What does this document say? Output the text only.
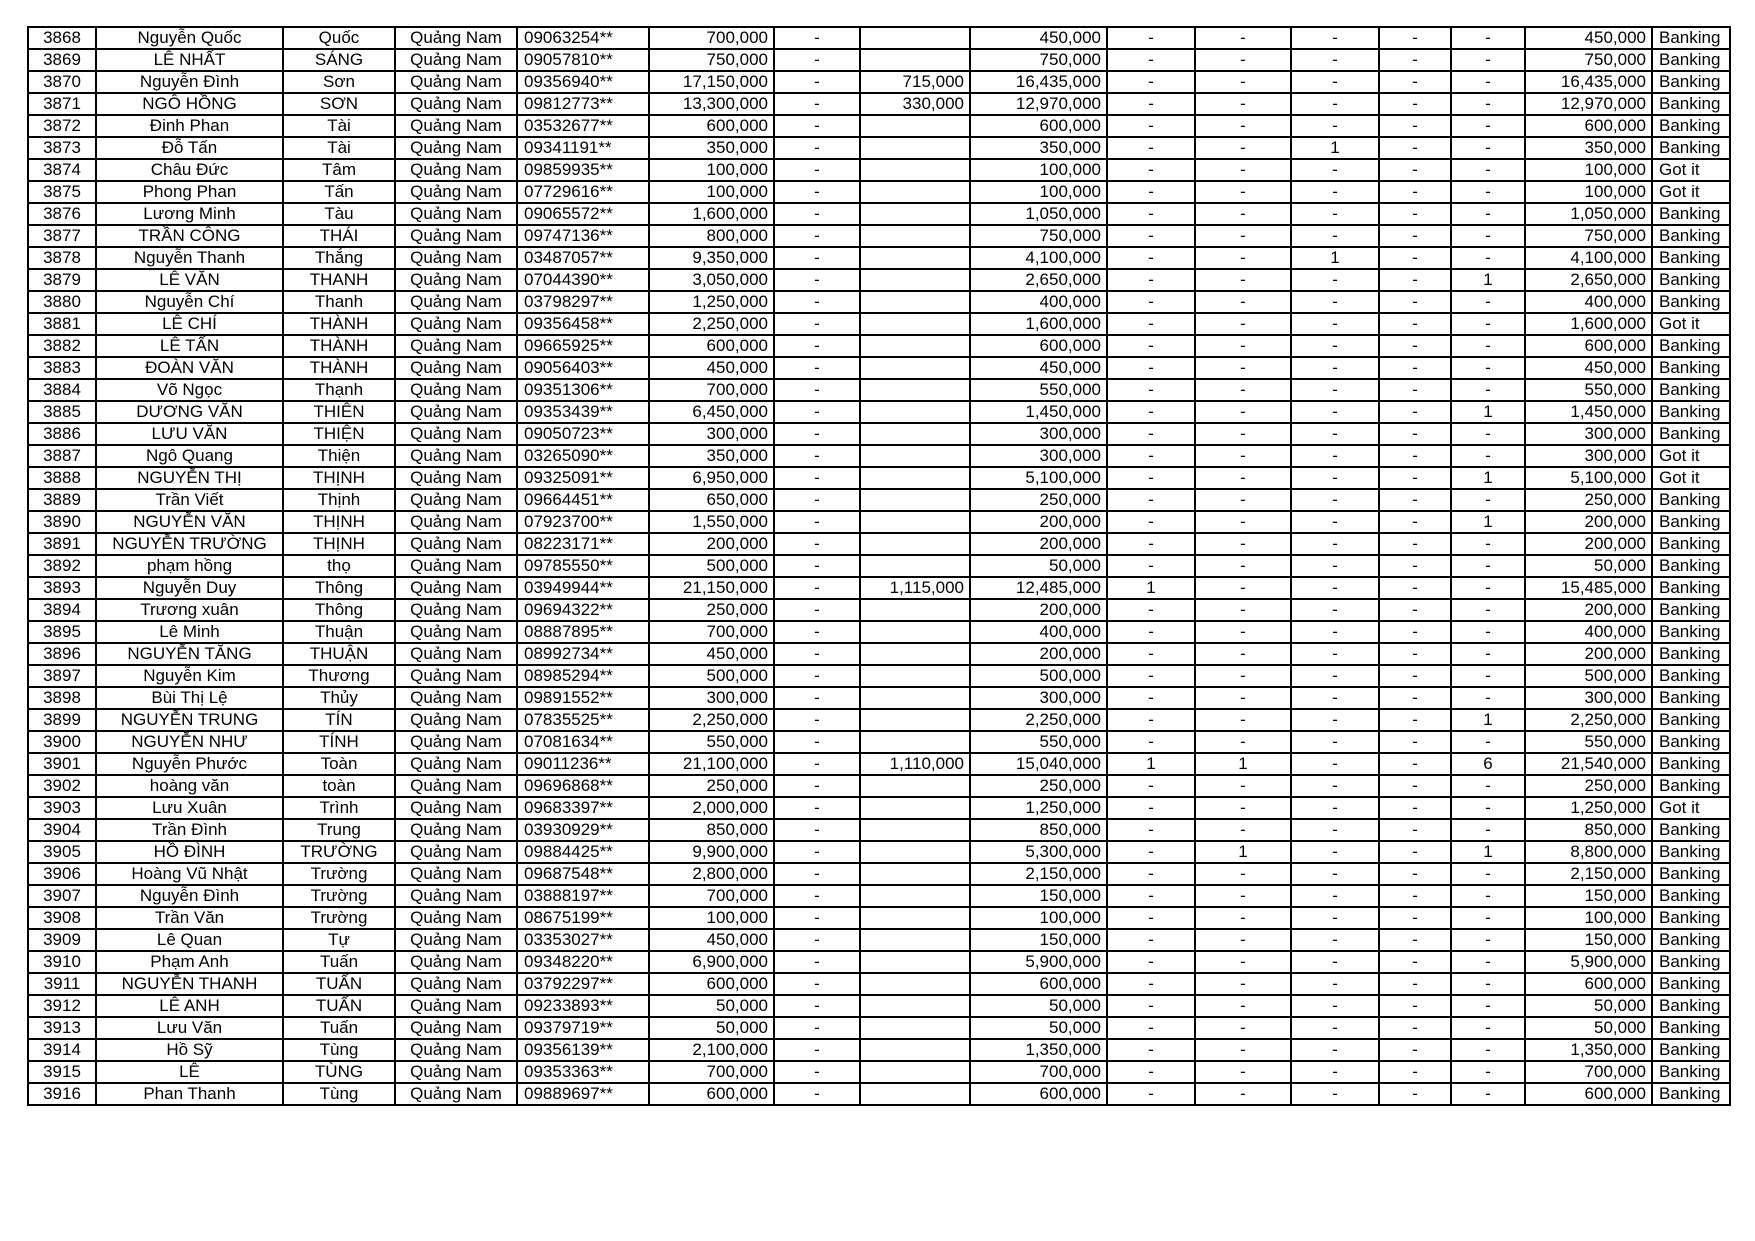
3868	Nguyễn Quốc	Quốc	Quảng Nam	09063254**	700,000	-		450,000	-	-	-	-	-	450,000	Banking
3869	LÊ NHẤT	SÁNG	Quảng Nam	09057810**	750,000	-		750,000	-	-	-	-	-	750,000	Banking
3870	Nguyễn Đình	Sơn	Quảng Nam	09356940**	17,150,000	-	715,000	16,435,000	-	-	-	-	-	16,435,000	Banking
3871	NGÔ HỒNG	SƠN	Quảng Nam	09812773**	13,300,000	-	330,000	12,970,000	-	-	-	-	-	12,970,000	Banking
3872	Đinh Phan	Tài	Quảng Nam	03532677**	600,000	-		600,000	-	-	-	-	-	600,000	Banking
3873	Đỗ Tấn	Tài	Quảng Nam	09341191**	350,000	-		350,000	-	-	1	-	-	350,000	Banking
3874	Châu Đức	Tâm	Quảng Nam	09859935**	100,000	-		100,000	-	-	-	-	-	100,000	Got it
3875	Phong Phan	Tấn	Quảng Nam	07729616**	100,000	-		100,000	-	-	-	-	-	100,000	Got it
3876	Lương Minh	Tàu	Quảng Nam	09065572**	1,600,000	-		1,050,000	-	-	-	-	-	1,050,000	Banking
3877	TRẦN CÔNG	THÁI	Quảng Nam	09747136**	800,000	-		750,000	-	-	-	-	-	750,000	Banking
3878	Nguyễn Thanh	Thắng	Quảng Nam	03487057**	9,350,000	-		4,100,000	-	-	1	-	-	4,100,000	Banking
3879	LÊ VĂN	THANH	Quảng Nam	07044390**	3,050,000	-		2,650,000	-	-	-	-	1	2,650,000	Banking
3880	Nguyễn Chí	Thanh	Quảng Nam	03798297**	1,250,000	-		400,000	-	-	-	-	-	400,000	Banking
3881	LÊ CHÍ	THÀNH	Quảng Nam	09356458**	2,250,000	-		1,600,000	-	-	-	-	-	1,600,000	Got it
3882	LÊ TẤN	THÀNH	Quảng Nam	09665925**	600,000	-		600,000	-	-	-	-	-	600,000	Banking
3883	ĐOÀN VĂN	THÀNH	Quảng Nam	09056403**	450,000	-		450,000	-	-	-	-	-	450,000	Banking
3884	Võ Ngọc	Thạnh	Quảng Nam	09351306**	700,000	-		550,000	-	-	-	-	-	550,000	Banking
3885	DƯƠNG VĂN	THIÊN	Quảng Nam	09353439**	6,450,000	-		1,450,000	-	-	-	-	1	1,450,000	Banking
3886	LƯU VĂN	THIỆN	Quảng Nam	09050723**	300,000	-		300,000	-	-	-	-	-	300,000	Banking
3887	Ngô Quang	Thiện	Quảng Nam	03265090**	350,000	-		300,000	-	-	-	-	-	300,000	Got it
3888	NGUYỄN THỊ	THỊNH	Quảng Nam	09325091**	6,950,000	-		5,100,000	-	-	-	-	1	5,100,000	Got it
3889	Trần Viết	Thịnh	Quảng Nam	09664451**	650,000	-		250,000	-	-	-	-	-	250,000	Banking
3890	NGUYỄN VĂN	THỊNH	Quảng Nam	07923700**	1,550,000	-		200,000	-	-	-	-	1	200,000	Banking
3891	NGUYỄN TRƯỜNG	THỊNH	Quảng Nam	08223171**	200,000	-		200,000	-	-	-	-	-	200,000	Banking
3892	phạm hồng	thọ	Quảng Nam	09785550**	500,000	-		50,000	-	-	-	-	-	50,000	Banking
3893	Nguyễn Duy	Thông	Quảng Nam	03949944**	21,150,000	-	1,115,000	12,485,000	1	-	-	-	-	15,485,000	Banking
3894	Trương xuân	Thông	Quảng Nam	09694322**	250,000	-		200,000	-	-	-	-	-	200,000	Banking
3895	Lê Minh	Thuận	Quảng Nam	08887895**	700,000	-		400,000	-	-	-	-	-	400,000	Banking
3896	NGUYỄN TĂNG	THUẬN	Quảng Nam	08992734**	450,000	-		200,000	-	-	-	-	-	200,000	Banking
3897	Nguyễn Kim	Thương	Quảng Nam	08985294**	500,000	-		500,000	-	-	-	-	-	500,000	Banking
3898	Bùi Thị Lệ	Thủy	Quảng Nam	09891552**	300,000	-		300,000	-	-	-	-	-	300,000	Banking
3899	NGUYỄN TRUNG	TÍN	Quảng Nam	07835525**	2,250,000	-		2,250,000	-	-	-	-	1	2,250,000	Banking
3900	NGUYỄN NHƯ	TÍNH	Quảng Nam	07081634**	550,000	-		550,000	-	-	-	-	-	550,000	Banking
3901	Nguyễn Phước	Toàn	Quảng Nam	09011236**	21,100,000	-	1,110,000	15,040,000	1	1	-	-	6	21,540,000	Banking
3902	hoàng văn	toàn	Quảng Nam	09696868**	250,000	-		250,000	-	-	-	-	-	250,000	Banking
3903	Lưu Xuân	Trình	Quảng Nam	09683397**	2,000,000	-		1,250,000	-	-	-	-	-	1,250,000	Got it
3904	Trần Đình	Trung	Quảng Nam	03930929**	850,000	-		850,000	-	-	-	-	-	850,000	Banking
3905	HỒ ĐÌNH	TRƯỜNG	Quảng Nam	09884425**	9,900,000	-		5,300,000	-	1	-	-	1	8,800,000	Banking
3906	Hoàng Vũ Nhật	Trường	Quảng Nam	09687548**	2,800,000	-		2,150,000	-	-	-	-	-	2,150,000	Banking
3907	Nguyễn Đình	Trường	Quảng Nam	03888197**	700,000	-		150,000	-	-	-	-	-	150,000	Banking
3908	Trần Văn	Trường	Quảng Nam	08675199**	100,000	-		100,000	-	-	-	-	-	100,000	Banking
3909	Lê Quan	Tự	Quảng Nam	03353027**	450,000	-		150,000	-	-	-	-	-	150,000	Banking
3910	Phạm Anh	Tuấn	Quảng Nam	09348220**	6,900,000	-		5,900,000	-	-	-	-	-	5,900,000	Banking
3911	NGUYỄN THANH	TUẤN	Quảng Nam	03792297**	600,000	-		600,000	-	-	-	-	-	600,000	Banking
3912	LÊ ANH	TUẤN	Quảng Nam	09233893**	50,000	-		50,000	-	-	-	-	-	50,000	Banking
3913	Lưu Văn	Tuấn	Quảng Nam	09379719**	50,000	-		50,000	-	-	-	-	-	50,000	Banking
3914	Hồ Sỹ	Tùng	Quảng Nam	09356139**	2,100,000	-		1,350,000	-	-	-	-	-	1,350,000	Banking
3915	LÊ	TÙNG	Quảng Nam	09353363**	700,000	-		700,000	-	-	-	-	-	700,000	Banking
3916	Phan Thanh	Tùng	Quảng Nam	09889697**	600,000	-		600,000	-	-	-	-	-	600,000	Banking
